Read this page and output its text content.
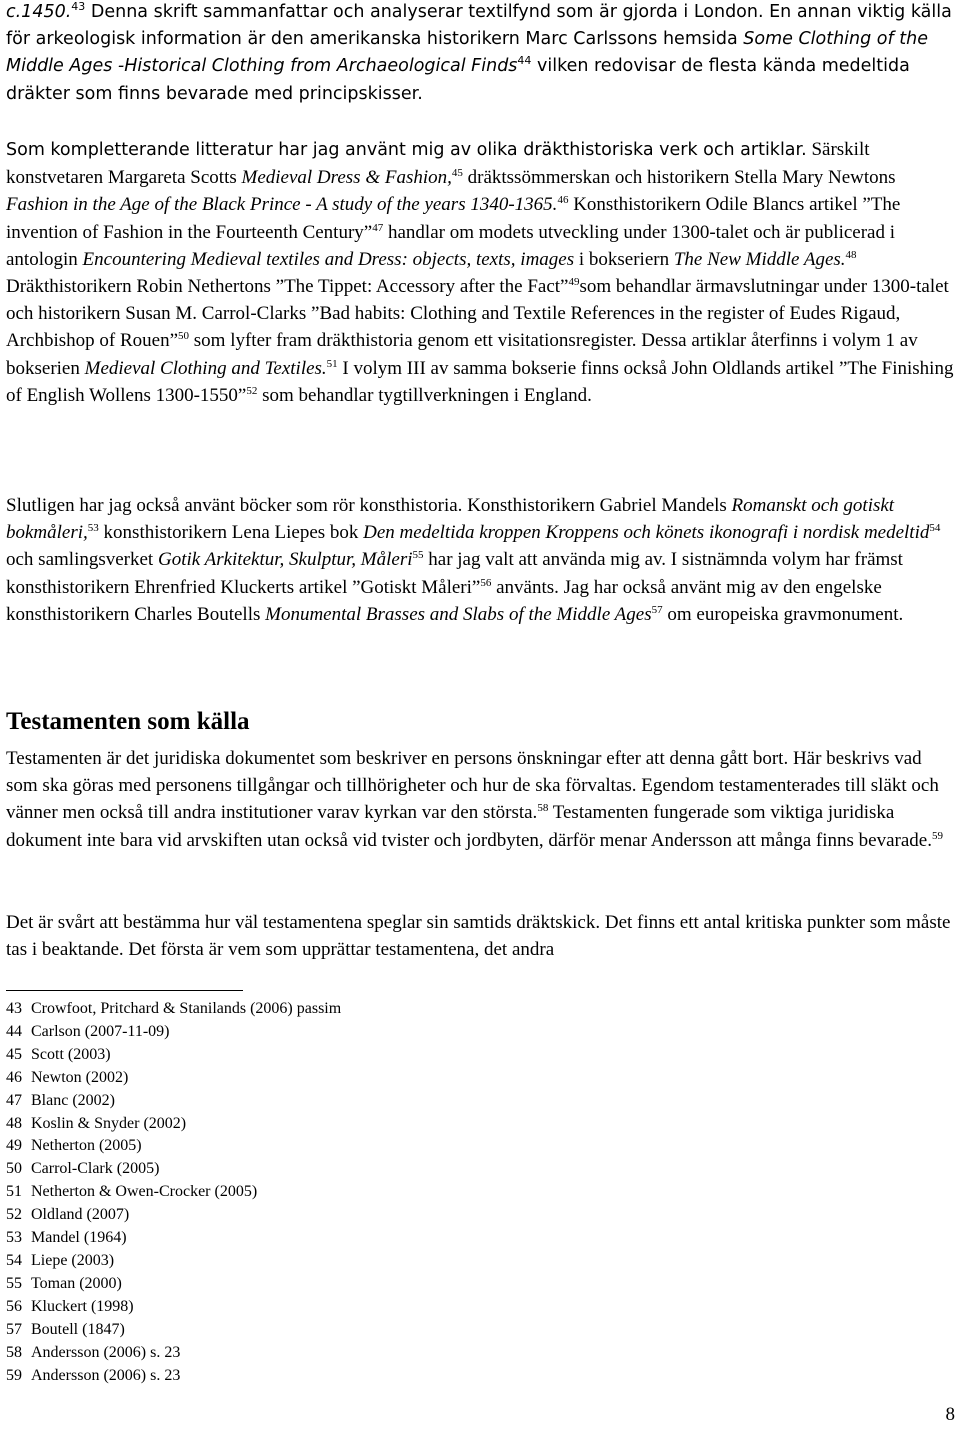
c.1450.43 Denna skrift sammanfattar och analyserar textilfynd som är gjorda i London. En annan viktig källa för arkeologisk information är den amerikanska historikern Marc Carlssons hemsida Some Clothing of the Middle Ages -Historical Clothing from Archaeological Finds$^{44}$ vilken redovisar de flesta kända medeltida dräkter som finns bevarade med principskisser.

Som kompletterande litteratur har jag använt mig av olika dräkthistoriska verk och artiklar. Särskilt konstvetaren Margareta Scotts Medieval Dress & Fashion,$^{45}$ dräktssömmerskan och historikern Stella Mary Newtons Fashion in the Age of the Black Prince - A study of the years 1340-1365.46 Konsthistorikern Odile Blancs artikel ”The invention of Fashion in the Fourteenth Century”$^{47}$ handlar om modets utveckling under 1300-talet och är publicerad i antologin Encountering Medieval textiles and Dress: objects, texts, images i bokseriern The New Middle Ages.$^{48}$ Dräkthistorikern Robin Nethertons ”The Tippet: Accessory after the Fact”$^{49}$som behandlar ärmavslutningar under 1300-talet och historikern Susan M. Carrol-Clarks ”Bad habits: Clothing and Textile References in the register of Eudes Rigaud, Archbishop of Rouen”$^{50}$ som lyfter fram dräkthistoria genom ett visitationsregister. Dessa artiklar återfinns i volym 1 av bokserien Medieval Clothing and Textiles.$^{51}$ I volym III av samma bokserie finns också John Oldlands artikel ”The Finishing of English Wollens 1300-1550”$^{52}$ som behandlar tygtillverkningen i England.

Slutligen har jag också använt böcker som rör konsthistoria. Konsthistorikern Gabriel Mandels Romanskt och gotiskt bokmåleri,$^{53}$ konsthistorikern Lena Liepes bok Den medeltida kroppen Kroppens och könets ikonografi i nordisk medeltid$^{54}$ och samlingsverket Gotik Arkitektur, Skulptur, Måleri$^{55}$ har jag valt att använda mig av. I sistnämnda volym har främst konsthistorikern Ehrenfried Kluckerts artikel ”Gotiskt Måleri”$^{56}$ använts. Jag har också använt mig av den engelske konsthistorikern Charles Boutells Monumental Brasses and Slabs of the Middle Ages$^{57}$ om europeiska gravmonument.

Testamenten som källa

Testamenten är det juridiska dokumentet som beskriver en persons önskningar efter att denna gått bort. Här beskrivs vad som ska göras med personens tillgångar och tillhörigheter och hur de ska förvaltas. Egendom testamenterades till släkt och vänner men också till andra institutioner varav kyrkan var den största.$^{58}$ Testamenten fungerade som viktiga juridiska dokument inte bara vid arvskiften utan också vid tvister och jordbyten, därför menar Andersson att många finns bevarade.$^{59}$

Det är svårt att bestämma hur väl testamentena speglar sin samtids dräktskick. Det finns ett antal kritiska punkter som måste tas i beaktande. Det första är vem som upprättar testamentena, det andra

43 Crowfoot, Pritchard & Stanilands (2006) passim
44 Carlson (2007-11-09)
45 Scott (2003)
46 Newton (2002)
47 Blanc (2002)
48 Koslin & Snyder (2002)
49 Netherton (2005)
50 Carrol-Clark (2005)
51 Netherton & Owen-Crocker (2005)
52 Oldland (2007)
53 Mandel (1964)
54 Liepe (2003)
55 Toman (2000)
56 Kluckert (1998)
57 Boutell (1847)
58 Andersson (2006) s. 23
59 Andersson (2006) s. 23
8
